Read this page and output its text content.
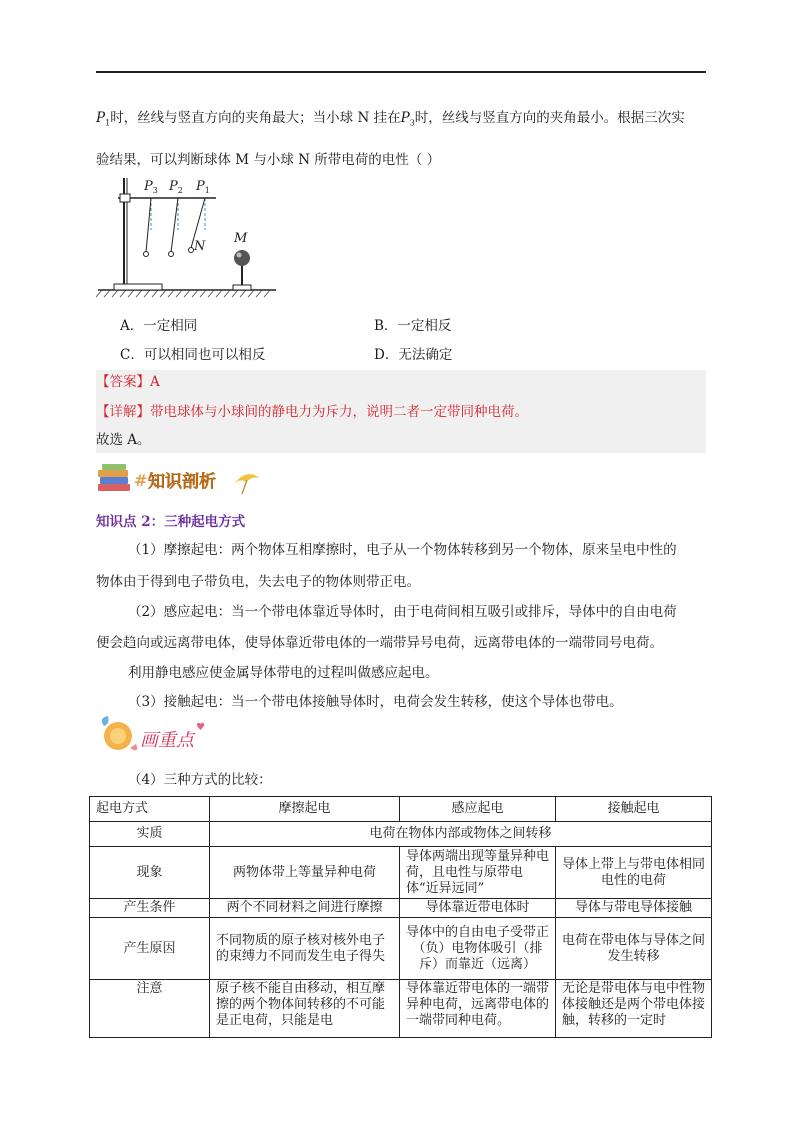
$P_1$时，丝线与竖直方向的夹角最大；当小球 N 挂在$P_3$时，丝线与竖直方向的夹角最小。根据三次实
验结果，可以判断球体 M 与小球 N 所带电荷的电性（ ）
$P_3$ $P_2$ $P_1$
N
M
A．一定相同	B．一定相反
C．可以相同也可以相反	D．无法确定
【答案】A
【详解】带电球体与小球间的静电力为斥力，说明二者一定带同种电荷。
故选 A。
# 知识剖析
知识点 2：三种起电方式
（1）摩擦起电：两个物体互相摩擦时，电子从一个物体转移到另一个物体，原来呈电中性的
物体由于得到电子带负电，失去电子的物体则带正电。
（2）感应起电：当一个带电体靠近导体时，由于电荷间相互吸引或排斥，导体中的自由电荷
便会趋向或远离带电体，使导体靠近带电体的一端带异号电荷，远离带电体的一端带同号电荷。
利用静电感应使金属导体带电的过程叫做感应起电。
（3）接触起电：当一个带电体接触导体时，电荷会发生转移，使这个导体也带电。
画重点
♥
（4）三种方式的比较：
起电方式	摩擦起电	感应起电	接触起电
实质	电荷在物体内部或物体之间转移		
现象	两物体带上等量异种电荷	导体两端出现等量异种电荷，且电性与原带电体“近异远同”	导体上带上与带电体相同电性的电荷
产生条件	两个不同材料之间进行摩擦	导体靠近带电体时	导体与带电导体接触
产生原因	不同物质的原子核对核外电子的束缚力不同而发生电子得失	导体中的自由电子受带正（负）电物体吸引（排斥）而靠近（远离）	电荷在带电体与导体之间发生转移
注意	原子核不能自由移动，相互摩擦的两个物体间转移的不可能是正电荷，只能是电	导体靠近带电体的一端带异种电荷，远离带电体的一端带同种电荷。	无论是带电体与电中性物体接触还是两个带电体接触，转移的一定时
